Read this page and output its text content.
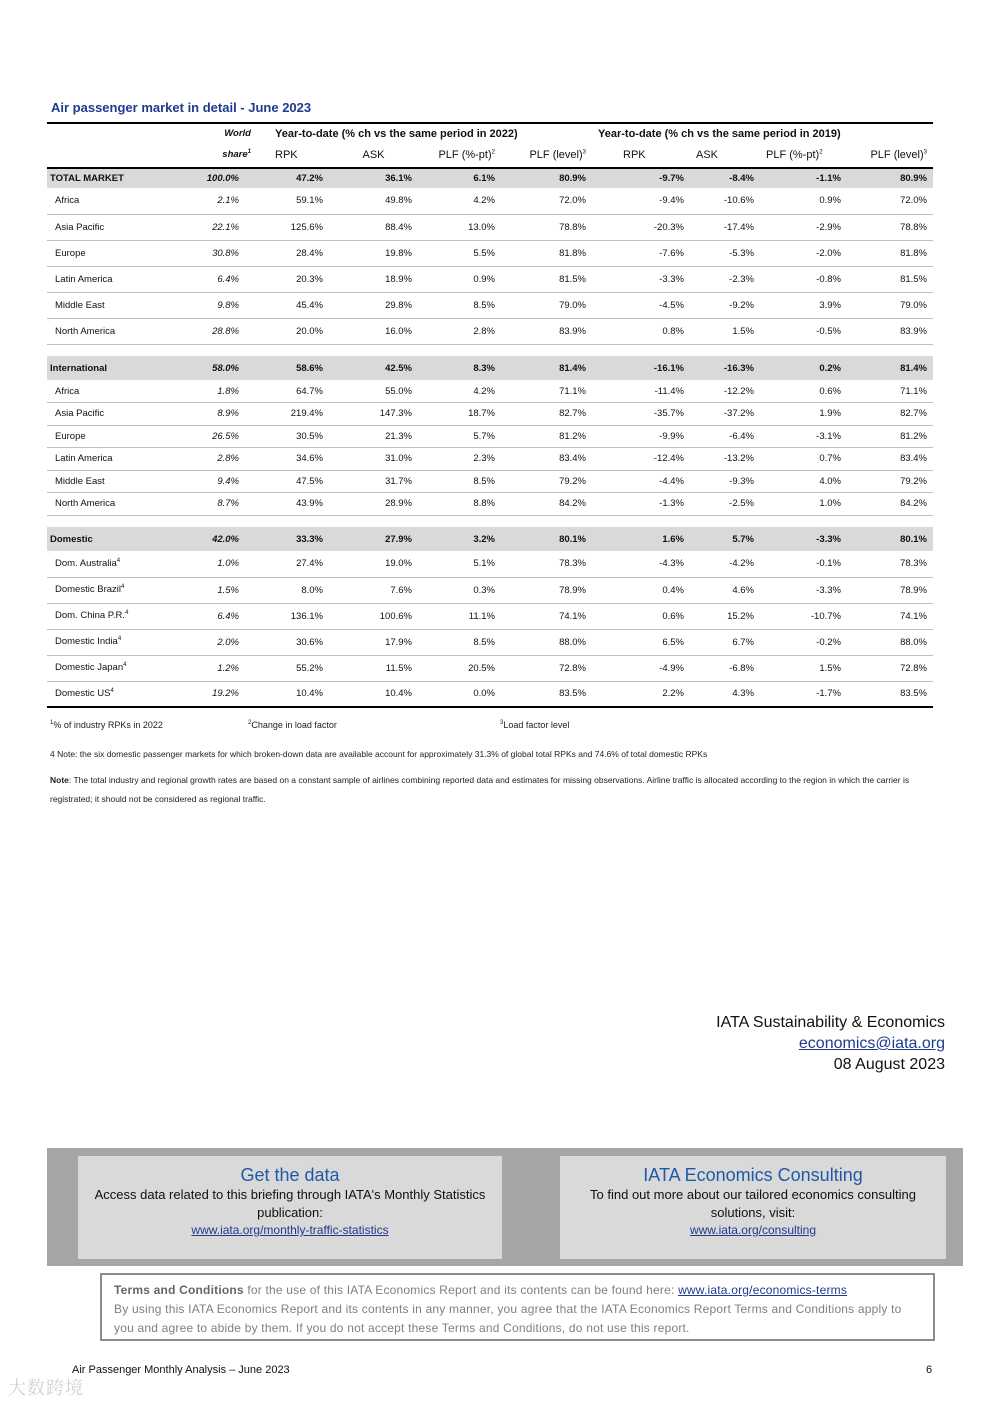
Air passenger market in detail - June 2023
	World	Year-to-date (% ch vs the same period in 2022)				Year-to-date (% ch vs the same period in 2019)			
	share$^1$	RPK	ASK	PLF $(\%-pt)^2$	PLF (level)$^3$	RPK	ASK	PLF $(\%-pt)^2$	PLF (level)$^3$
TOTAL MARKET	100.0%	47.2%	36.1%	6.1%	80.9%	-9.7%	-8.4%	-1.1%	80.9%
Africa	2.1%	59.1%	49.8%	4.2%	72.0%	-9.4%	-10.6%	0.9%	72.0%
Asia Pacific	22.1%	125.6%	88.4%	13.0%	78.8%	-20.3%	-17.4%	-2.9%	78.8%
Europe	30.8%	28.4%	19.8%	5.5%	81.8%	-7.6%	-5.3%	-2.0%	81.8%
Latin America	6.4%	20.3%	18.9%	0.9%	81.5%	-3.3%	-2.3%	-0.8%	81.5%
Middle East	9.8%	45.4%	29.8%	8.5%	79.0%	-4.5%	-9.2%	3.9%	79.0%
North America	28.8%	20.0%	16.0%	2.8%	83.9%	0.8%	1.5%	-0.5%	83.9%

International	58.0%	58.6%	42.5%	8.3%	81.4%	-16.1%	-16.3%	0.2%	81.4%
Africa	1.8%	64.7%	55.0%	4.2%	71.1%	-11.4%	-12.2%	0.6%	71.1%
Asia Pacific	8.9%	219.4%	147.3%	18.7%	82.7%	-35.7%	-37.2%	1.9%	82.7%
Europe	26.5%	30.5%	21.3%	5.7%	81.2%	-9.9%	-6.4%	-3.1%	81.2%
Latin America	2.8%	34.6%	31.0%	2.3%	83.4%	-12.4%	-13.2%	0.7%	83.4%
Middle East	9.4%	47.5%	31.7%	8.5%	79.2%	-4.4%	-9.3%	4.0%	79.2%
North America	8.7%	43.9%	28.9%	8.8%	84.2%	-1.3%	-2.5%	1.0%	84.2%

Domestic	42.0%	33.3%	27.9%	3.2%	80.1%	1.6%	5.7%	-3.3%	80.1%
Dom. Australia$^4$	1.0%	27.4%	19.0%	5.1%	78.3%	-4.3%	-4.2%	-0.1%	78.3%
Domestic Brazil$^4$	1.5%	8.0%	7.6%	0.3%	78.9%	0.4%	4.6%	-3.3%	78.9%
Dom. China P.R.$^4$	6.4%	136.1%	100.6%	11.1%	74.1%	0.6%	15.2%	-10.7%	74.1%
Domestic India$^4$	2.0%	30.6%	17.9%	8.5%	88.0%	6.5%	6.7%	-0.2%	88.0%
Domestic Japan$^4$	1.2%	55.2%	11.5%	20.5%	72.8%	-4.9%	-6.8%	1.5%	72.8%
Domestic $US^4$	19.2%	10.4%	10.4%	0.0%	83.5%	2.2%	4.3%	-1.7%	83.5%
$^1$% of industry RPKs in 2022	$^2$Change in load factor	$^3$Load factor level
4 Note: the six domestic passenger markets for which broken-down data are available account for approximately 31.3% of global total RPKs and 74.6% of total domestic RPKs
Note: The total industry and regional growth rates are based on a constant sample of airlines combining reported data and estimates for missing observations. Airline traffic is allocated according to the region in which the carrier is registrated; it should not be considered as regional traffic.
IATA Sustainability & Economics
economics@iata.org
08 August 2023
Get the data
Access data related to this briefing through IATA's Monthly Statistics publication:
www.iata.org/monthly-traffic-statistics
IATA Economics Consulting
To find out more about our tailored economics consulting solutions, visit:
www.iata.org/consulting
Terms and Conditions for the use of this IATA Economics Report and its contents can be found here: www.iata.org/economics-terms
By using this IATA Economics Report and its contents in any manner, you agree that the IATA Economics Report Terms and Conditions apply to you and agree to abide by them. If you do not accept these Terms and Conditions, do not use this report.
Air Passenger Monthly Analysis – June 2023	6
大数跨境
